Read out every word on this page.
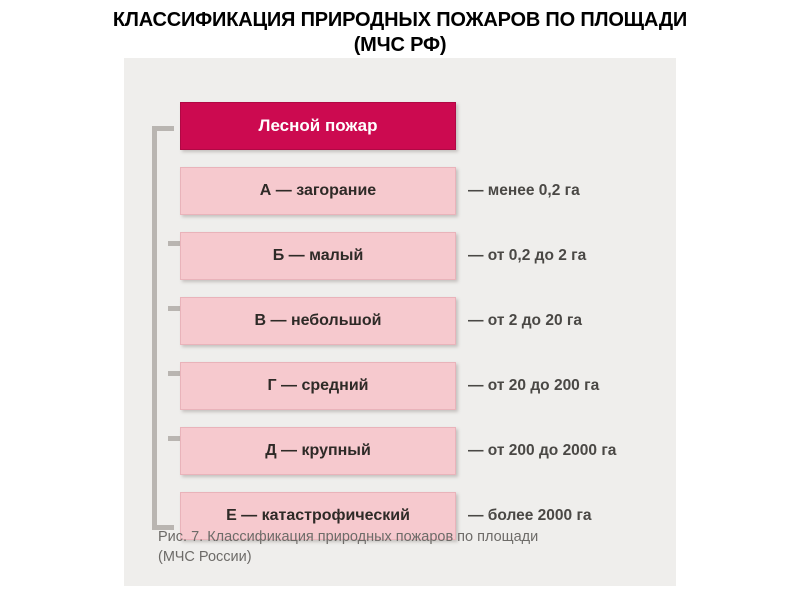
КЛАССИФИКАЦИЯ ПРИРОДНЫХ ПОЖАРОВ ПО ПЛОЩАДИ
(МЧС РФ)
Лесной пожар
А — загорание	— менее 0,2 га
Б — малый	— от 0,2 до 2 га
В — небольшой	— от 2 до 20 га
Г — средний	— от 20 до 200 га
Д — крупный	— от 200 до 2000 га
Е — катастрофический	— более 2000 га
Рис. 7. Классификация природных пожаров по площади
(МЧС России)
